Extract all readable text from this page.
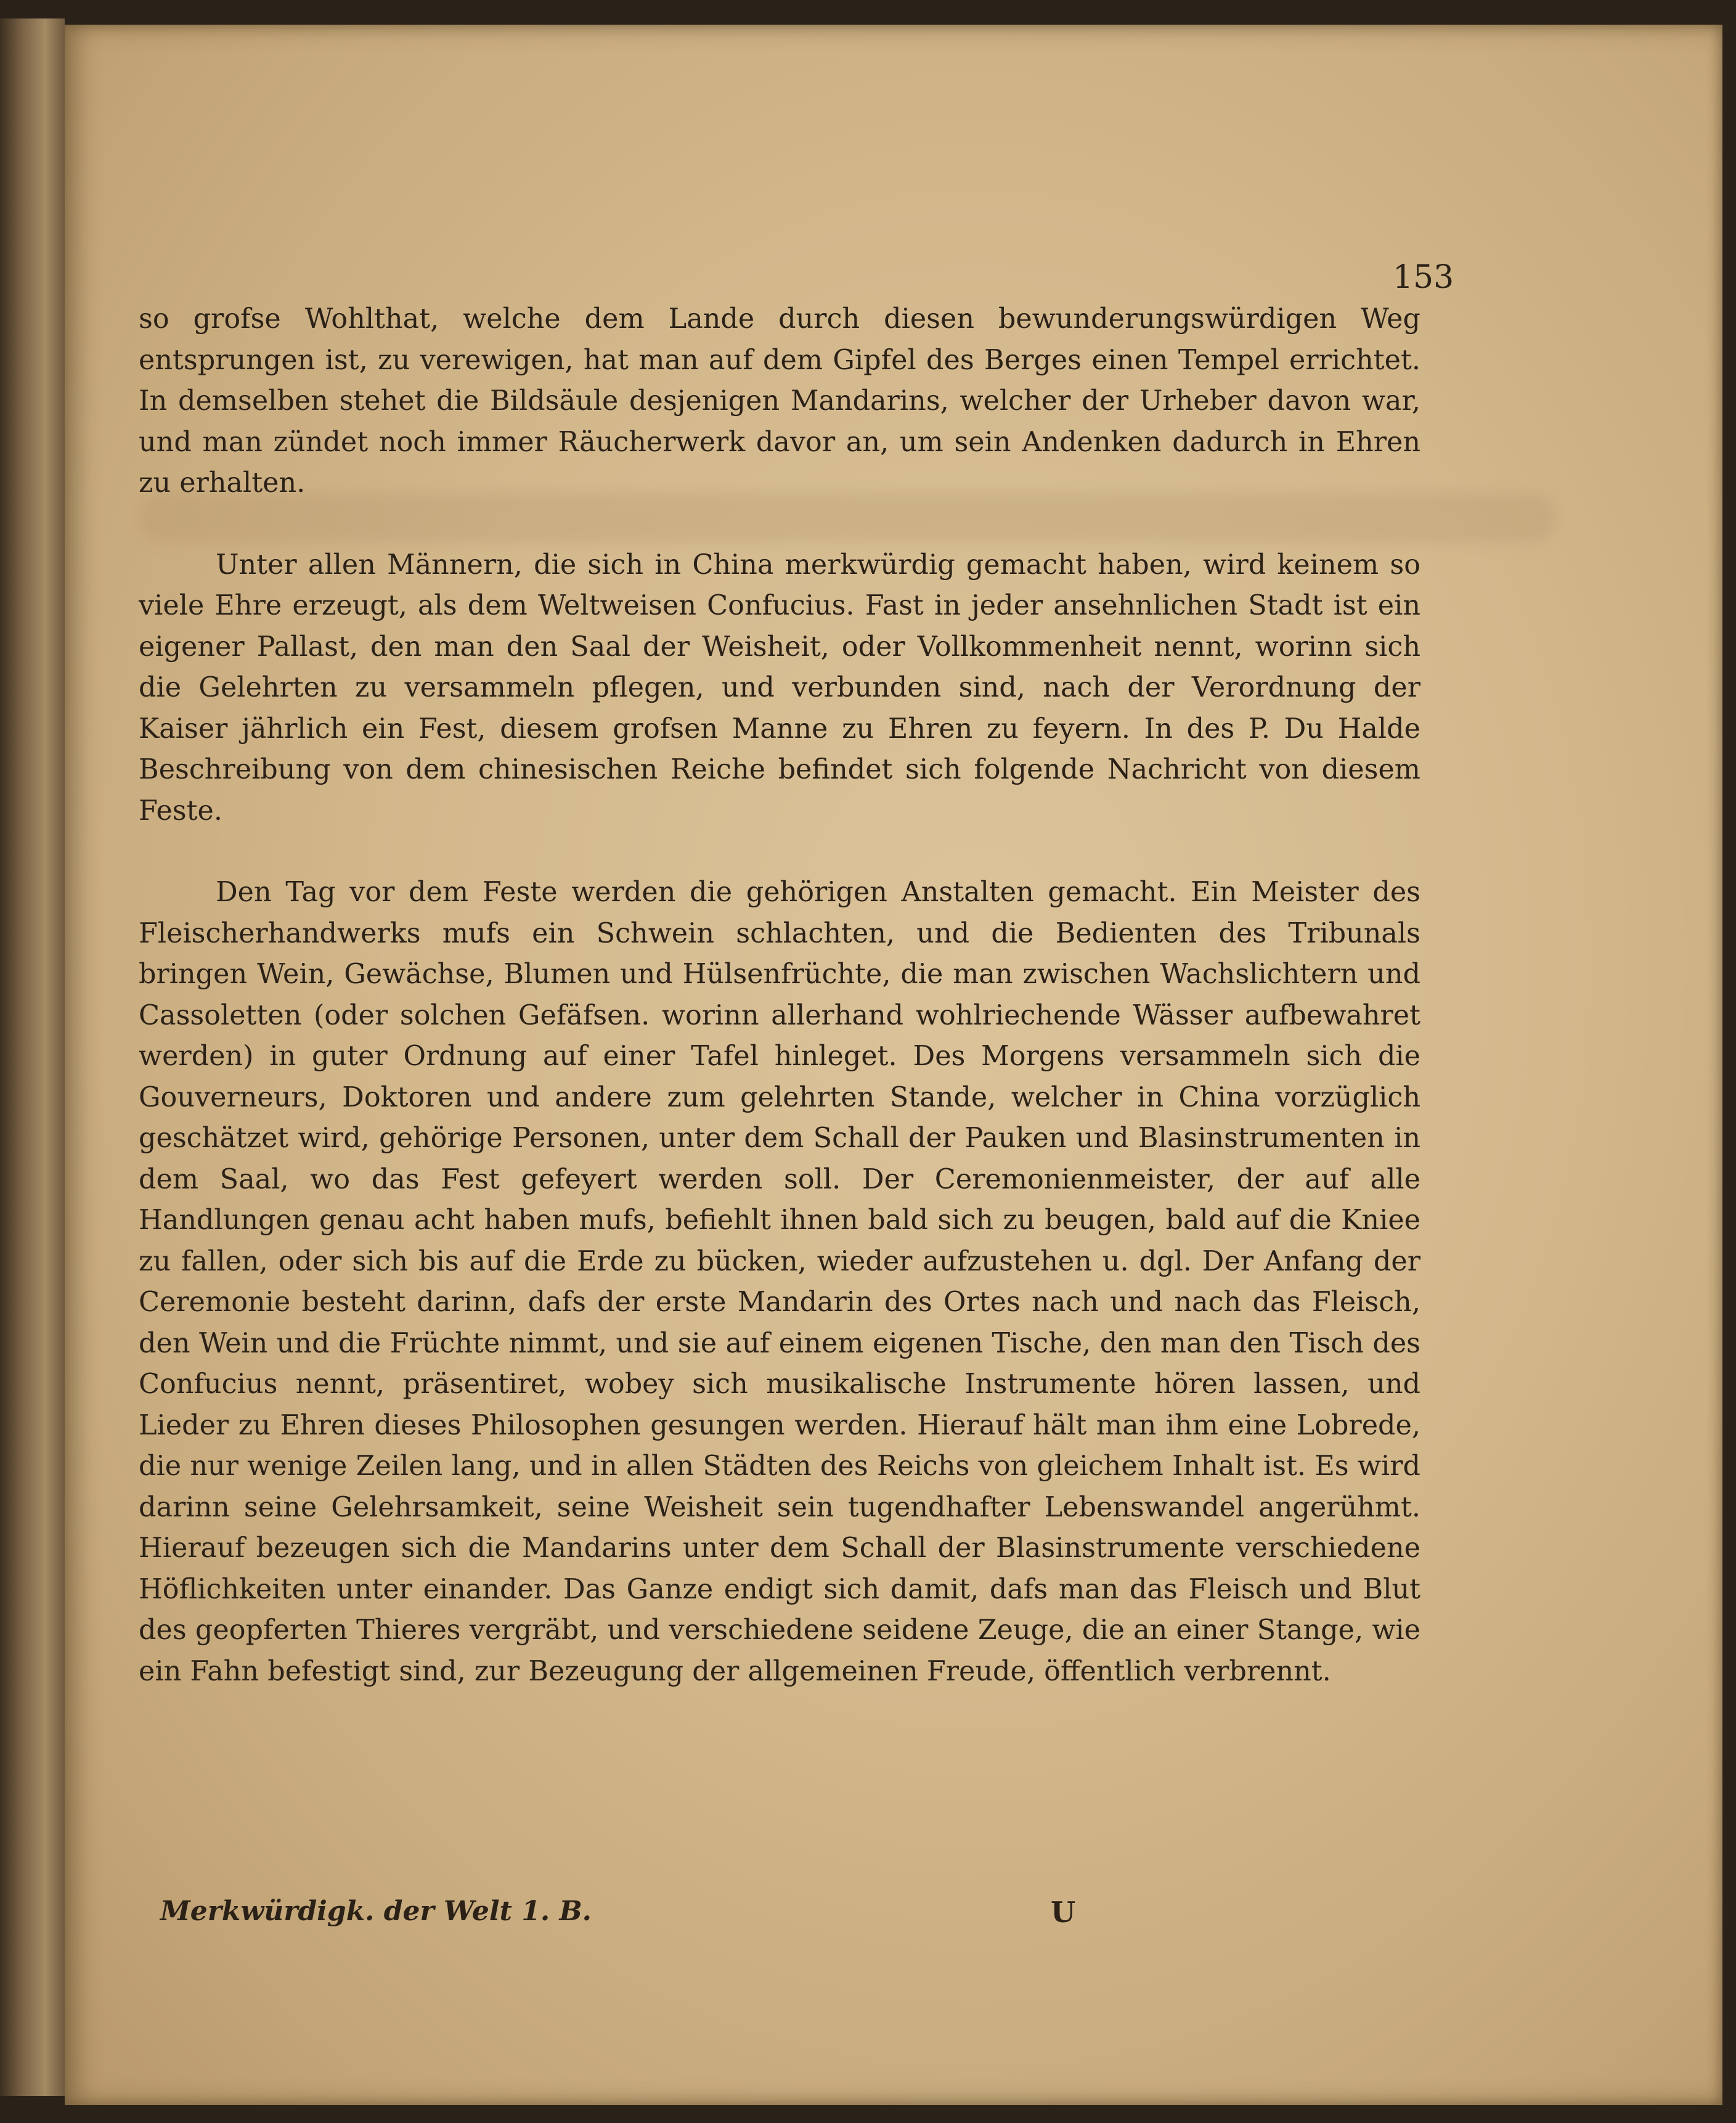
153

so grofse Wohlthat, welche dem Lande durch diesen bewunderungswürdigen Weg entsprungen ist, zu verewigen, hat man auf dem Gipfel des Berges einen Tempel errichtet. In demselben stehet die Bildsäule desjenigen Mandarins, welcher der Urheber davon war, und man zündet noch immer Räucherwerk davor an, um sein Andenken dadurch in Ehren zu erhalten.

Unter allen Männern, die sich in China merkwürdig gemacht haben, wird keinem so viele Ehre erzeugt, als dem Weltweisen Confucius. Fast in jeder ansehnlichen Stadt ist ein eigener Pallast, den man den Saal der Weisheit, oder Vollkommenheit nennt, worinn sich die Gelehrten zu versammeln pflegen, und verbunden sind, nach der Verordnung der Kaiser jährlich ein Fest, diesem grofsen Manne zu Ehren zu feyern. In des P. Du Halde Beschreibung von dem chinesischen Reiche befindet sich folgende Nachricht von diesem Feste.

Den Tag vor dem Feste werden die gehörigen Anstalten gemacht. Ein Meister des Fleischerhandwerks mufs ein Schwein schlachten, und die Bedienten des Tribunals bringen Wein, Gewächse, Blumen und Hülsenfrüchte, die man zwischen Wachslichtern und Cassoletten (oder solchen Gefäfsen. worinn allerhand wohlriechende Wässer aufbewahret werden) in guter Ordnung auf einer Tafel hinleget. Des Morgens versammeln sich die Gouverneurs, Doktoren und andere zum gelehrten Stande, welcher in China vorzüglich geschätzet wird, gehörige Personen, unter dem Schall der Pauken und Blasinstrumenten in dem Saal, wo das Fest gefeyert werden soll. Der Ceremonienmeister, der auf alle Handlungen genau acht haben mufs, befiehlt ihnen bald sich zu beugen, bald auf die Kniee zu fallen, oder sich bis auf die Erde zu bücken, wieder aufzustehen u. dgl. Der Anfang der Ceremonie besteht darinn, dafs der erste Mandarin des Ortes nach und nach das Fleisch, den Wein und die Früchte nimmt, und sie auf einem eigenen Tische, den man den Tisch des Confucius nennt, präsentiret, wobey sich musikalische Instrumente hören lassen, und Lieder zu Ehren dieses Philosophen gesungen werden. Hierauf hält man ihm eine Lobrede, die nur wenige Zeilen lang, und in allen Städten des Reichs von gleichem Inhalt ist. Es wird darinn seine Gelehrsamkeit, seine Weisheit sein tugendhafter Lebenswandel angerühmt. Hierauf bezeugen sich die Mandarins unter dem Schall der Blasinstrumente verschiedene Höflichkeiten unter einander. Das Ganze endigt sich damit, dafs man das Fleisch und Blut des geopferten Thieres vergräbt, und verschiedene seidene Zeuge, die an einer Stange, wie ein Fahn befestigt sind, zur Bezeugung der allgemeinen Freude, öffentlich verbrennt.

Merkwürdigk. der Welt 1. B.	U
